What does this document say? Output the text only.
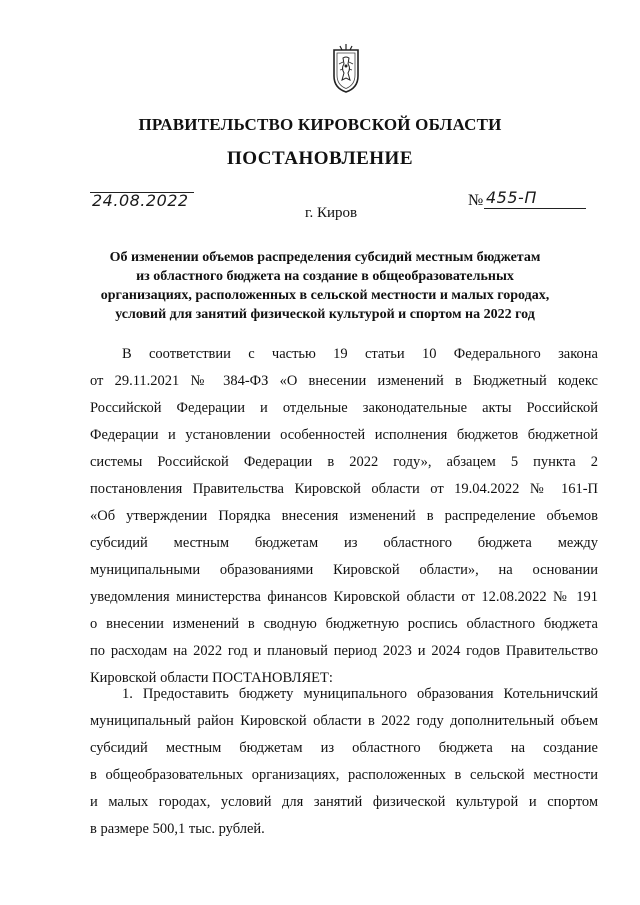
ПРАВИТЕЛЬСТВО КИРОВСКОЙ ОБЛАСТИ
ПОСТАНОВЛЕНИЕ
24.08.2022	№ 455-П
г. Киров
Об изменении объемов распределения субсидий местным бюджетам
из областного бюджета на создание в общеобразовательных
организациях, расположенных в сельской местности и малых городах,
условий для занятий физической культурой и спортом на 2022 год
В соответствии с частью 19 статьи 10 Федерального закона
от 29.11.2021 № 384-ФЗ «О внесении изменений в Бюджетный кодекс
Российской Федерации и отдельные законодательные акты Российской
Федерации и установлении особенностей исполнения бюджетов бюджетной
системы Российской Федерации в 2022 году», абзацем 5 пункта 2
постановления Правительства Кировской области от 19.04.2022 № 161-П
«Об утверждении Порядка внесения изменений в распределение объемов
субсидий местным бюджетам из областного бюджета между
муниципальными образованиями Кировской области», на основании
уведомления министерства финансов Кировской области от 12.08.2022 № 191
о внесении изменений в сводную бюджетную роспись областного бюджета
по расходам на 2022 год и плановый период 2023 и 2024 годов Правительство
Кировской области ПОСТАНОВЛЯЕТ:
1. Предоставить бюджету муниципального образования Котельничский
муниципальный район Кировской области в 2022 году дополнительный объем
субсидий местным бюджетам из областного бюджета на создание
в общеобразовательных организациях, расположенных в сельской местности
и малых городах, условий для занятий физической культурой и спортом
в размере 500,1 тыс. рублей.
